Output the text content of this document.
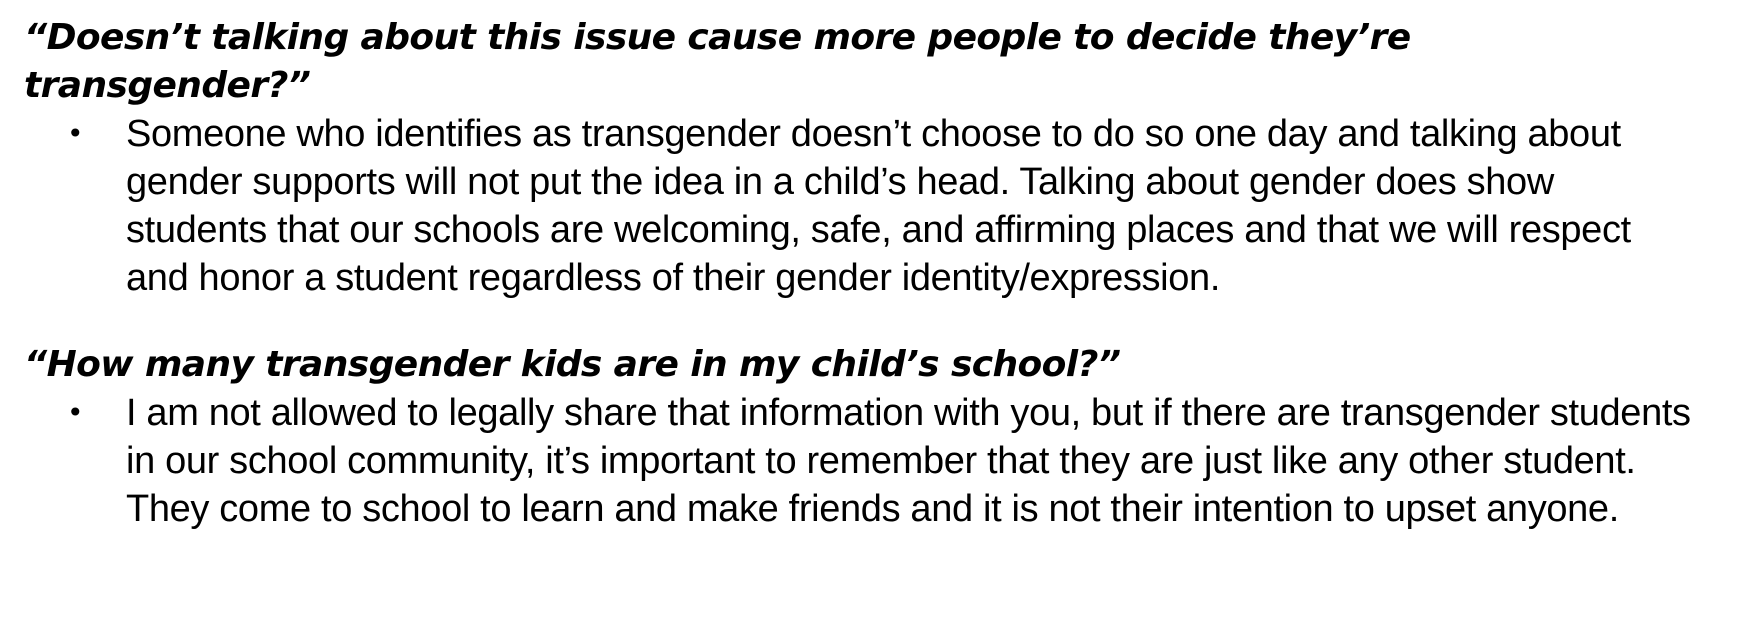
“Doesn’t talking about this issue cause more people to decide they’re transgender?”
• Someone who identifies as transgender doesn’t choose to do so one day and talking about gender supports will not put the idea in a child’s head. Talking about gender does show students that our schools are welcoming, safe, and affirming places and that we will respect and honor a student regardless of their gender identity/expression.

“How many transgender kids are in my child’s school?”
• I am not allowed to legally share that information with you, but if there are transgender students in our school community, it’s important to remember that they are just like any other student. They come to school to learn and make friends and it is not their intention to upset anyone.
